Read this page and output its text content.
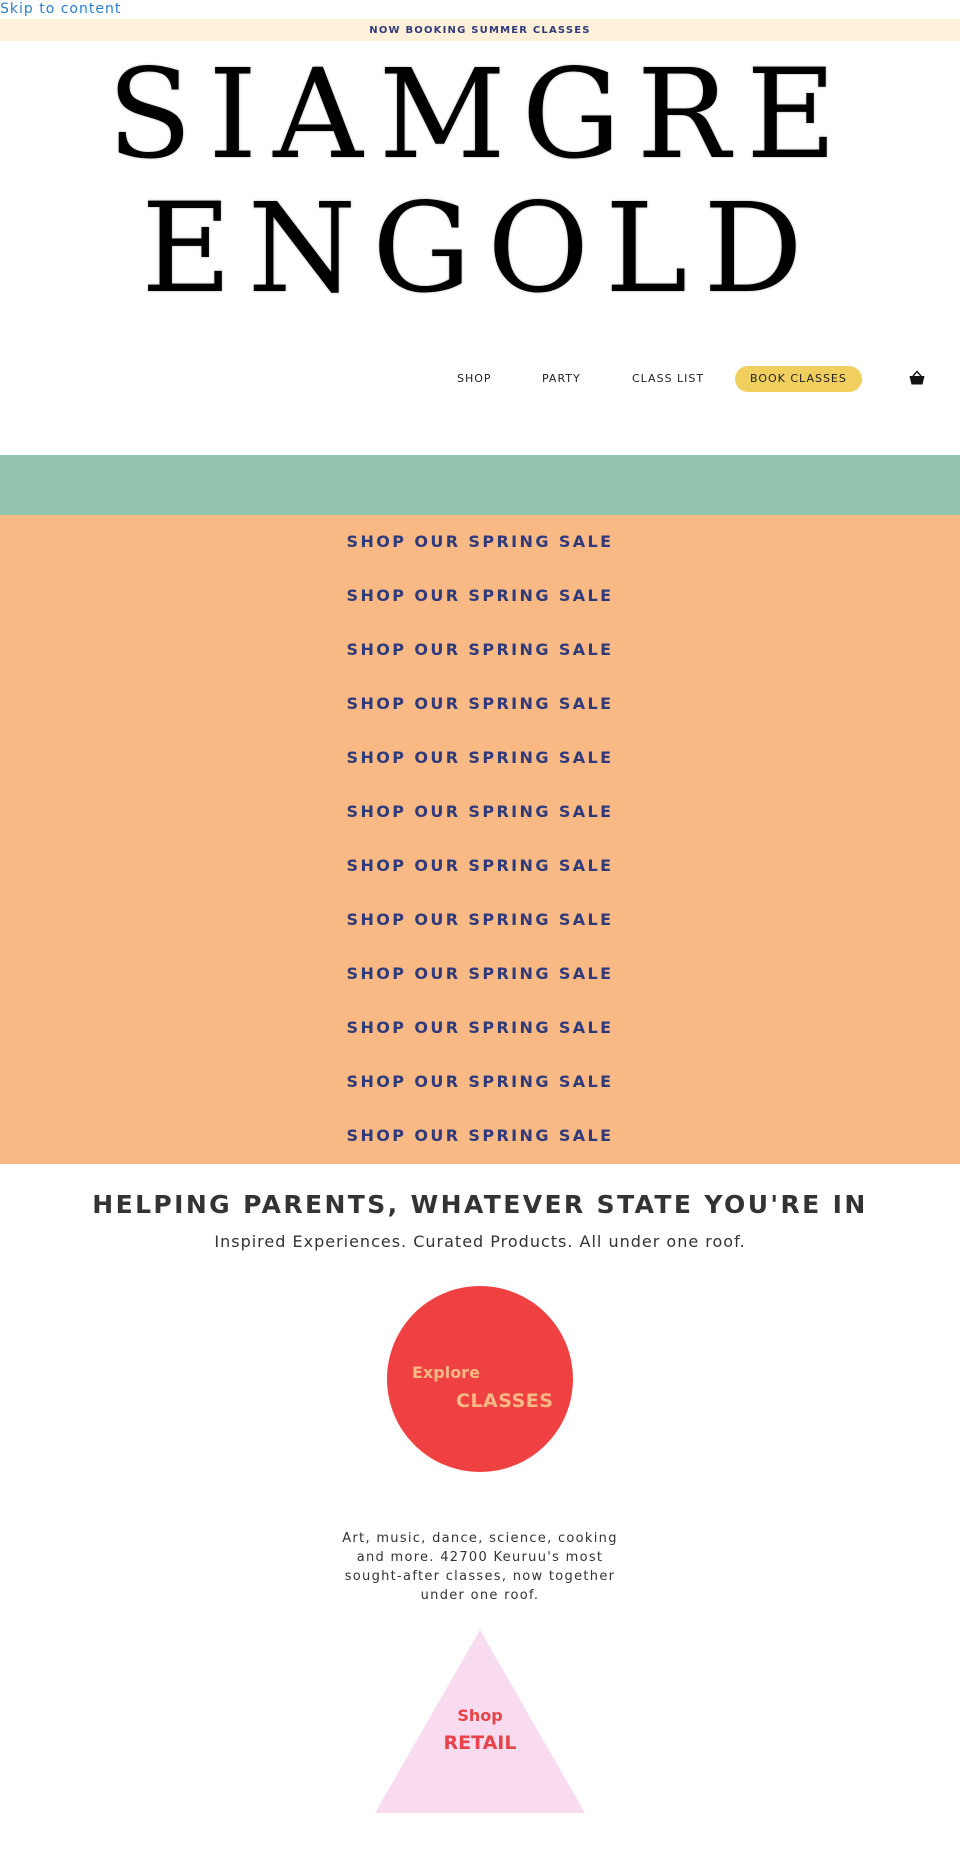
Skip to content
NOW BOOKING SUMMER CLASSES
SIAMGRE
ENGOLD
SHOP	PARTY	CLASS LIST	BOOK CLASSES
SHOP OUR SPRING SALE
SHOP OUR SPRING SALE
SHOP OUR SPRING SALE
SHOP OUR SPRING SALE
SHOP OUR SPRING SALE
SHOP OUR SPRING SALE
SHOP OUR SPRING SALE
SHOP OUR SPRING SALE
SHOP OUR SPRING SALE
SHOP OUR SPRING SALE
SHOP OUR SPRING SALE
SHOP OUR SPRING SALE
HELPING PARENTS, WHATEVER STATE YOU'RE IN

Inspired Experiences. Curated Products. All under one roof.

Explore
CLASSES

Art, music, dance, science, cooking and more. 42700 Keuruu's most sought-after classes, now together under one roof.

Shop
RETAIL
